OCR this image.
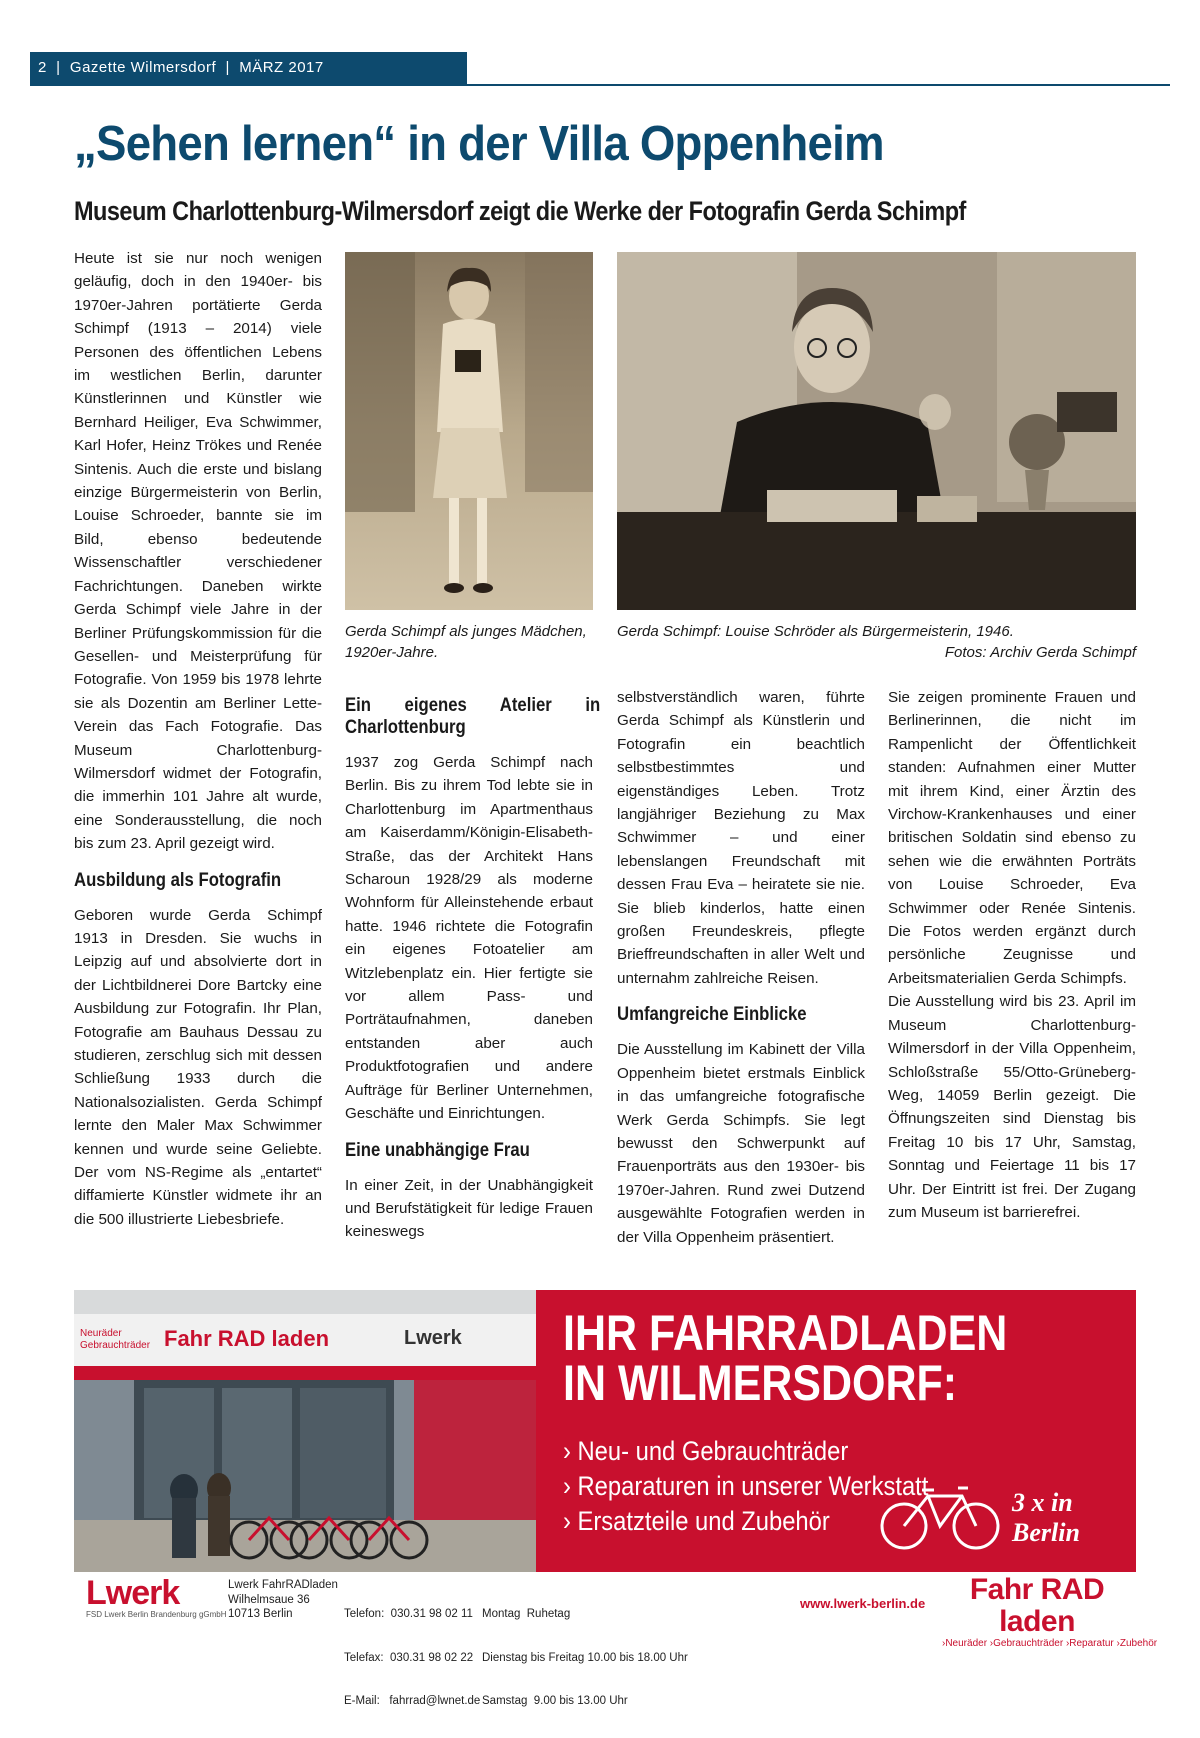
2  |  Gazette Wilmersdorf  |  MÄRZ 2017
„Sehen lernen“ in der Villa Oppenheim
Museum Charlottenburg-Wilmersdorf zeigt die Werke der Fotografin Gerda Schimpf

Heute ist sie nur noch wenigen geläufig, doch in den 1940er- bis 1970er-Jahren portätierte Gerda Schimpf (1913 – 2014) viele Personen des öffentlichen Lebens im westlichen Berlin, darunter Künstlerinnen und Künstler wie Bernhard Heiliger, Eva Schwimmer, Karl Hofer, Heinz Trökes und Renée Sintenis. Auch die erste und bislang einzige Bürgermeisterin von Berlin, Louise Schroeder, bannte sie im Bild, ebenso bedeutende Wissenschaftler verschiedener Fachrichtungen. Daneben wirkte Gerda Schimpf viele Jahre in der Berliner Prüfungskommission für die Gesellen- und Meisterprüfung für Fotografie. Von 1959 bis 1978 lehrte sie als Dozentin am Berliner Lette-Verein das Fach Fotografie. Das Museum Charlottenburg-Wilmersdorf widmet der Fotografin, die immerhin 101 Jahre alt wurde, eine Sonderausstellung, die noch bis zum 23. April gezeigt wird.

Ausbildung als Fotografin

Geboren wurde Gerda Schimpf 1913 in Dresden. Sie wuchs in Leipzig auf und absolvierte dort in der Lichtbildnerei Dore Bartcky eine Ausbildung zur Fotografin. Ihr Plan, Fotografie am Bauhaus Dessau zu studieren, zerschlug sich mit dessen Schließung 1933 durch die Nationalsozialisten. Gerda Schimpf lernte den Maler Max Schwimmer kennen und wurde seine Geliebte. Der vom NS-Regime als „entartet“ diffamierte Künstler widmete ihr an die 500 illustrierte Liebesbriefe.

Gerda Schimpf als junges Mädchen, 1920er-Jahre.
Gerda Schimpf: Louise Schröder als Bürgermeisterin, 1946.
Fotos: Archiv Gerda Schimpf
Ein eigenes Atelier in Charlottenburg

1937 zog Gerda Schimpf nach Berlin. Bis zu ihrem Tod lebte sie in Charlottenburg im Apartmenthaus am Kaiserdamm/Königin-Elisabeth-Straße, das der Architekt Hans Scharoun 1928/29 als moderne Wohnform für Alleinstehende erbaut hatte. 1946 richtete die Fotografin ein eigenes Fotoatelier am Witzlebenplatz ein. Hier fertigte sie vor allem Pass- und Porträtaufnahmen, daneben entstanden aber auch Produktfotografien und andere Aufträge für Berliner Unternehmen, Geschäfte und Einrichtungen.

Eine unabhängige Frau

In einer Zeit, in der Unabhängigkeit und Berufstätigkeit für ledige Frauen keineswegs

selbstverständlich waren, führte Gerda Schimpf als Künstlerin und Fotografin ein beachtlich selbstbestimmtes und eigenständiges Leben. Trotz langjähriger Beziehung zu Max Schwimmer – und einer lebenslangen Freundschaft mit dessen Frau Eva – heiratete sie nie. Sie blieb kinderlos, hatte einen großen Freundeskreis, pflegte Brieffreundschaften in aller Welt und unternahm zahlreiche Reisen.

Umfangreiche Einblicke

Die Ausstellung im Kabinett der Villa Oppenheim bietet erstmals Einblick in das umfangreiche fotografische Werk Gerda Schimpfs. Sie legt bewusst den Schwerpunkt auf Frauenporträts aus den 1930er- bis 1970er-Jahren. Rund zwei Dutzend ausgewählte Fotografien werden in der Villa Oppenheim präsentiert.

Sie zeigen prominente Frauen und Berlinerinnen, die nicht im Rampenlicht der Öffentlichkeit standen: Aufnahmen einer Mutter mit ihrem Kind, einer Ärztin des Virchow-Krankenhauses und einer britischen Soldatin sind ebenso zu sehen wie die erwähnten Porträts von Louise Schroeder, Eva Schwimmer oder Renée Sintenis. Die Fotos werden ergänzt durch persönliche Zeugnisse und Arbeitsmaterialien Gerda Schimpfs.

Die Ausstellung wird bis 23. April im Museum Charlottenburg-Wilmersdorf in der Villa Oppenheim, Schloßstraße 55/Otto-Grüneberg-Weg, 14059 Berlin gezeigt. Die Öffnungszeiten sind Dienstag bis Freitag 10 bis 17 Uhr, Samstag, Sonntag und Feiertage 11 bis 17 Uhr. Der Eintritt ist frei. Der Zugang zum Museum ist barrierefrei.

Neuräder
Gebrauchträder Fahr RAD laden	Lwerk IHR FAHRRADLADEN
IN WILMERSDORF:
› Neu- und Gebrauchträder
› Reparaturen in unserer Werkstatt
› Ersatzteile und Zubehör
3 x in Berlin
Lwerk
FSD Lwerk Berlin Brandenburg gGmbH
Lwerk FahrRADladen
Wilhelmsaue 36
10713 Berlin

	Telefon:  030.31 98 02 11

Telefax:  030.31 98 02 22

E-Mail:   fahrrad@lwnet.de

Montag  Ruhetag

Dienstag bis Freitag 10.00 bis 18.00 Uhr

Samstag  9.00 bis 13.00 Uhr

www.lwerk-berlin.de	Fahr RAD laden
›Neuräder ›Gebrauchträder ›Reparatur ›Zubehör
